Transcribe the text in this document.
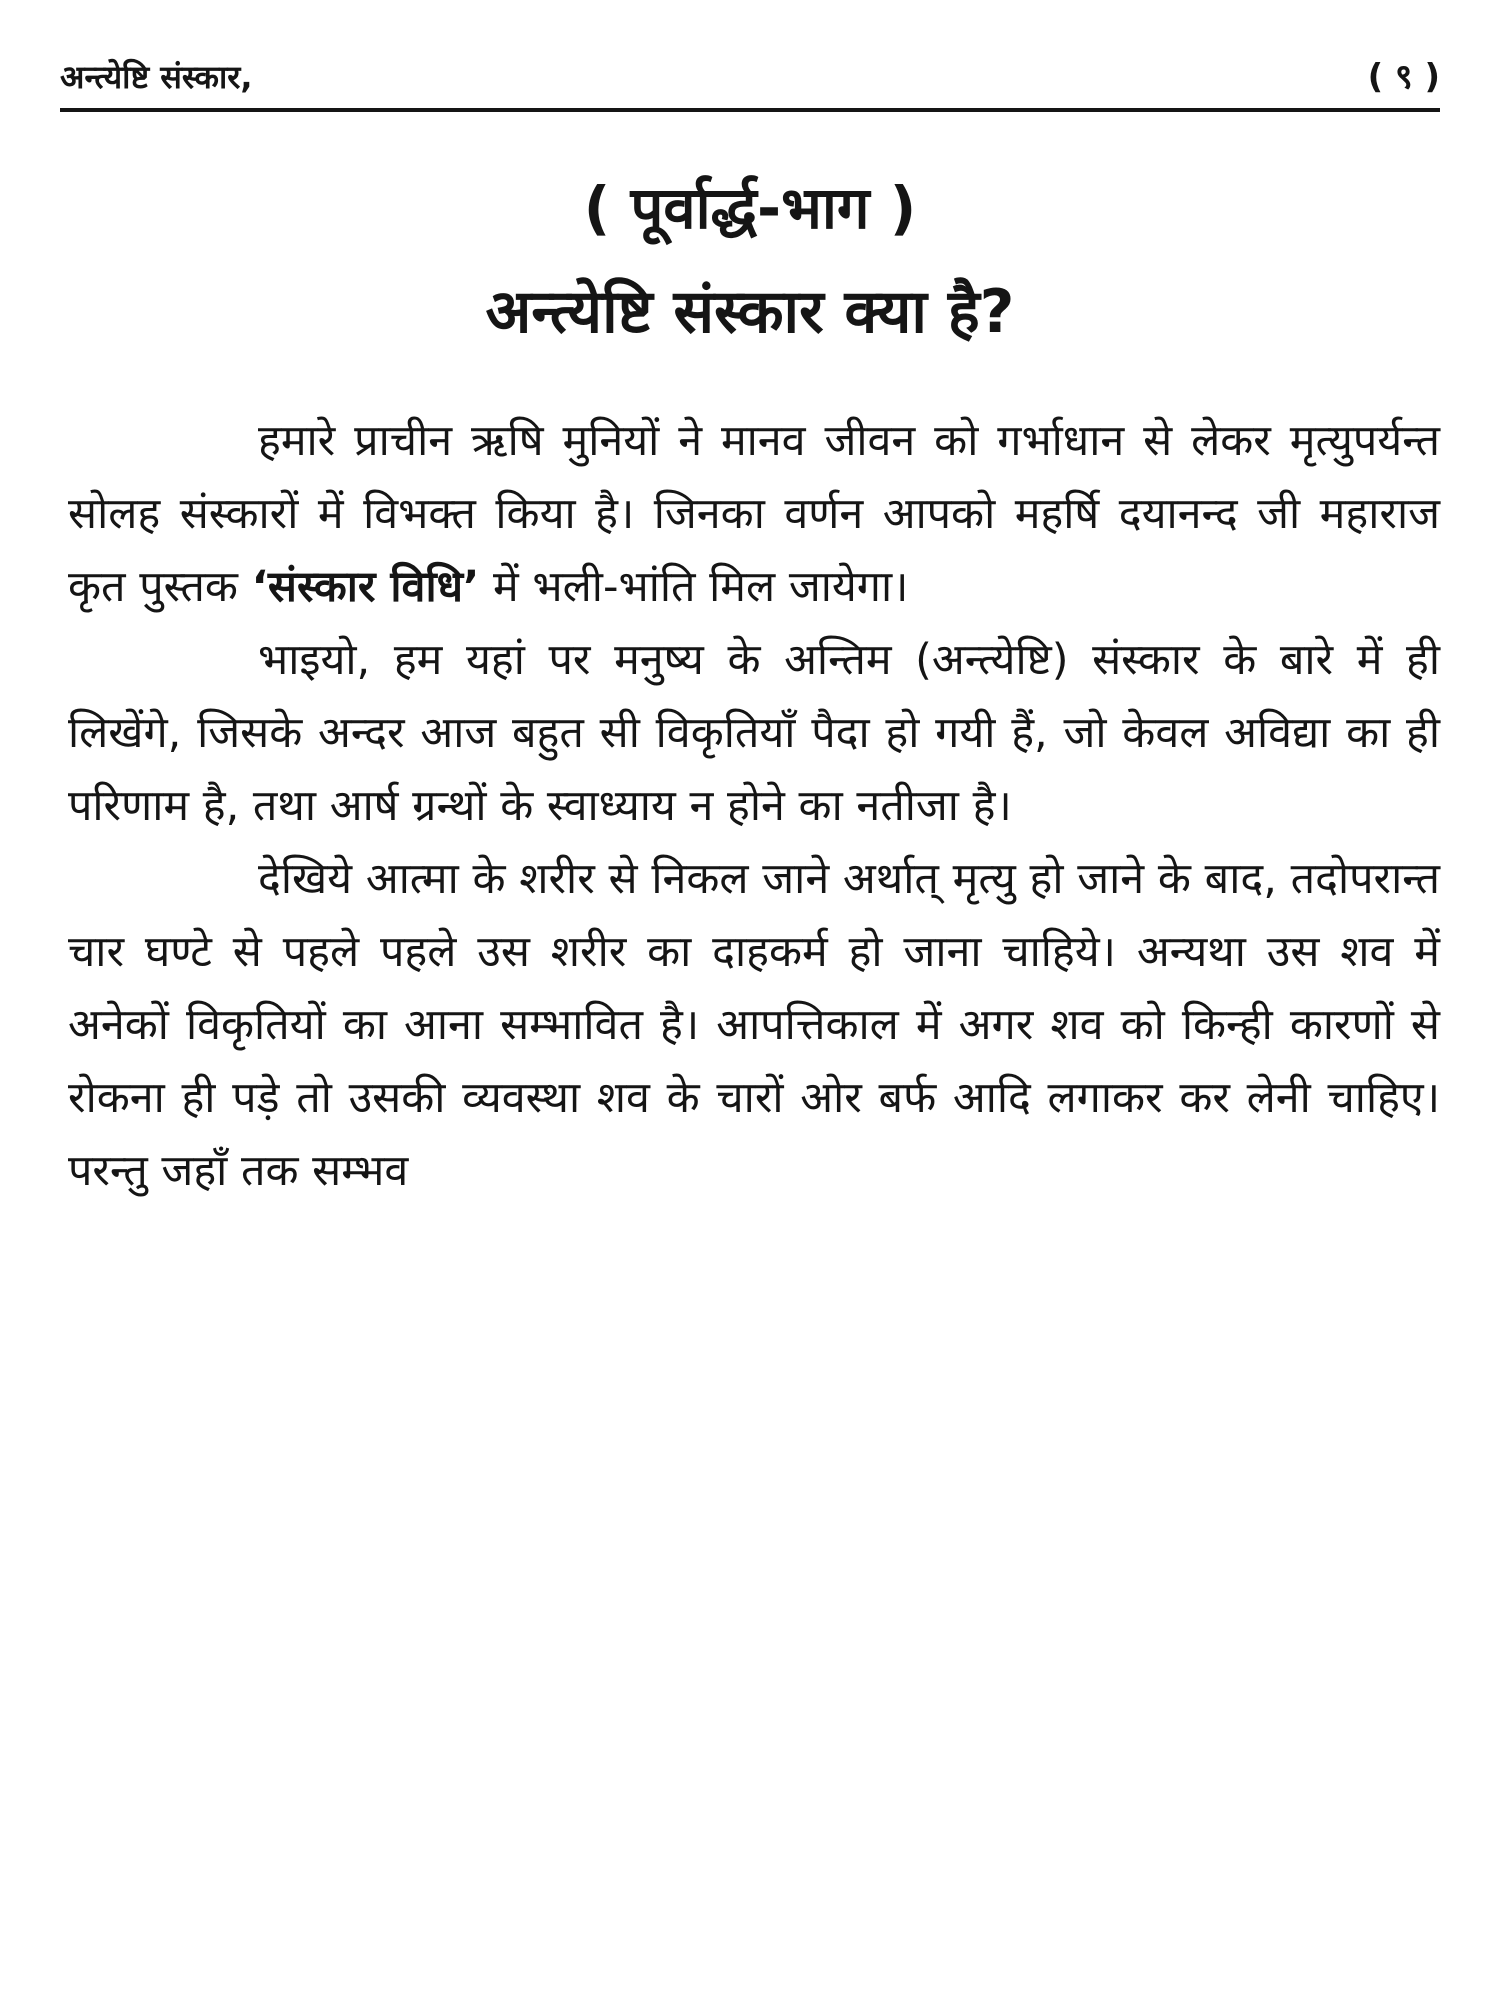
अन्त्येष्टि संस्कार,	( ९ )
( पूर्वार्द्ध-भाग )
अन्त्येष्टि संस्कार क्या है?

हमारे प्राचीन ऋषि मुनियों ने मानव जीवन को गर्भाधान से लेकर मृत्युपर्यन्त सोलह संस्कारों में विभक्त किया है। जिनका वर्णन आपको महर्षि दयानन्द जी महाराज कृत पुस्तक ‘संस्कार विधि’ में भली-भांति मिल जायेगा।

भाइयो, हम यहां पर मनुष्य के अन्तिम (अन्त्येष्टि) संस्कार के बारे में ही लिखेंगे, जिसके अन्दर आज बहुत सी विकृतियाँ पैदा हो गयी हैं, जो केवल अविद्या का ही परिणाम है, तथा आर्ष ग्रन्थों के स्वाध्याय न होने का नतीजा है।

देखिये आत्मा के शरीर से निकल जाने अर्थात् मृत्यु हो जाने के बाद, तदोपरान्त चार घण्टे से पहले पहले उस शरीर का दाहकर्म हो जाना चाहिये। अन्यथा उस शव में अनेकों विकृतियों का आना सम्भावित है। आपत्तिकाल में अगर शव को किन्ही कारणों से रोकना ही पड़े तो उसकी व्यवस्था शव के चारों ओर बर्फ आदि लगाकर कर लेनी चाहिए। परन्तु जहाँ तक सम्भव
